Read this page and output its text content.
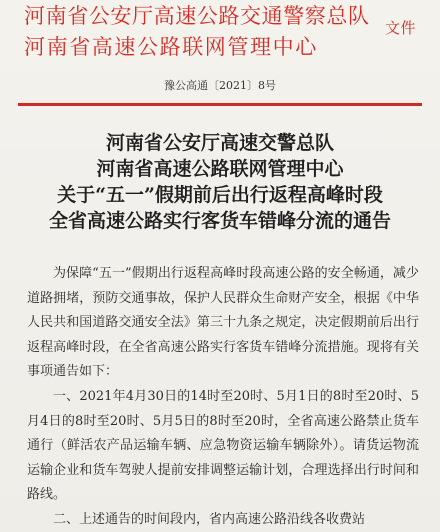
河南省公安厅高速公路交通警察总队
河南省高速公路联网管理中心
文件
豫公高通〔2021〕8号
河南省公安厅高速交警总队
河南省高速公路联网管理中心
关于“五一”假期前后出行返程高峰时段
全省高速公路实行客货车错峰分流的通告

为保障“五一”假期出行返程高峰时段高速公路的安全畅通，减少道路拥堵，预防交通事故，保护人民群众生命财产安全，根据《中华人民共和国道路交通安全法》第三十九条之规定，决定假期前后出行返程高峰时段，在全省高速公路实行客货车错峰分流措施。现将有关事项通告如下：

一、2021年4月30日的14时至20时、5月1日的8时至20时、5月4日的8时至20时、5月5日的8时至20时，全省高速公路禁止货车通行（鲜活农产品运输车辆、应急物资运输车辆除外）。请货运物流运输企业和货车驾驶人提前安排调整运输计划，合理选择出行时间和路线。

二、上述通告的时间段内，省内高速公路沿线各收费站
